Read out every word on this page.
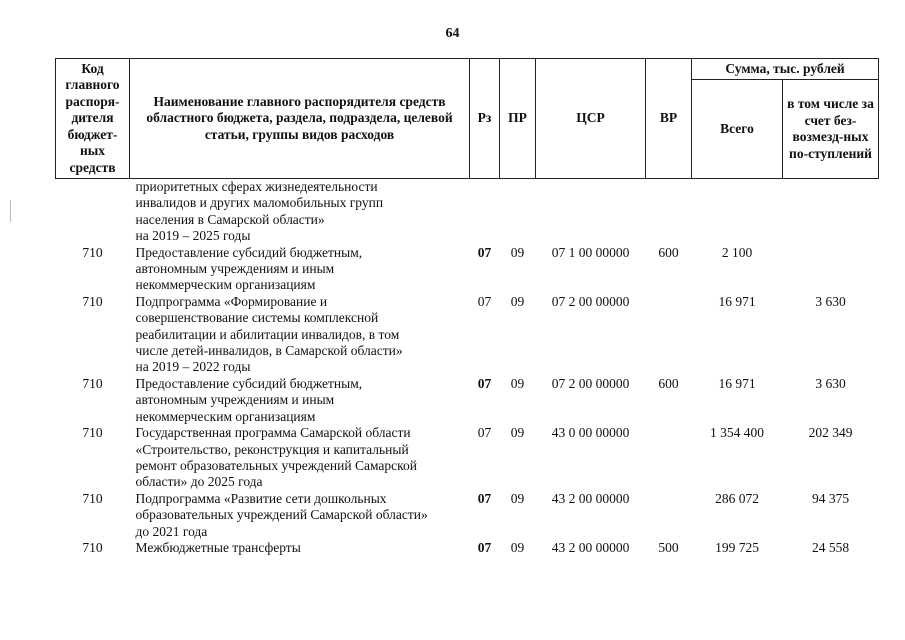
64
Код главного распоря-дителя бюджет-ных средств	Наименование главного распорядителя средств областного бюджета, раздела, подраздела, целевой статьи, группы видов расходов	Рз	ПР	ЦСР	ВР	Сумма, тыс. рублей	
						Всего	в том числе за счет без-возмезд-ных по-ступлений

	приоритетных сферах жизнедеятельности
инвалидов и других маломобильных групп
населения в Самарской области»
на 2019 – 2025 годы						

710	Предоставление субсидий бюджетным,
автономным учреждениям и иным
некоммерческим организациям	07	09	07 1 00 00000	600	2 100	
710	Подпрограмма «Формирование и
совершенствование системы комплексной
реабилитации и абилитации инвалидов, в том
числе детей-инвалидов, в Самарской области»
на 2019 – 2022 годы	07	09	07 2 00 00000		16 971	3 630
710	Предоставление субсидий бюджетным,
автономным учреждениям и иным
некоммерческим организациям	07	09	07 2 00 00000	600	16 971	3 630
710	Государственная программа Самарской области
«Строительство, реконструкция и капитальный
ремонт образовательных учреждений Самарской
области» до 2025 года	07	09	43 0 00 00000		1 354 400	202 349
710	Подпрограмма «Развитие сети дошкольных
образовательных учреждений Самарской области»
до 2021 года	07	09	43 2 00 00000		286 072	94 375
710	Межбюджетные трансферты	07	09	43 2 00 00000	500	199 725	24 558
